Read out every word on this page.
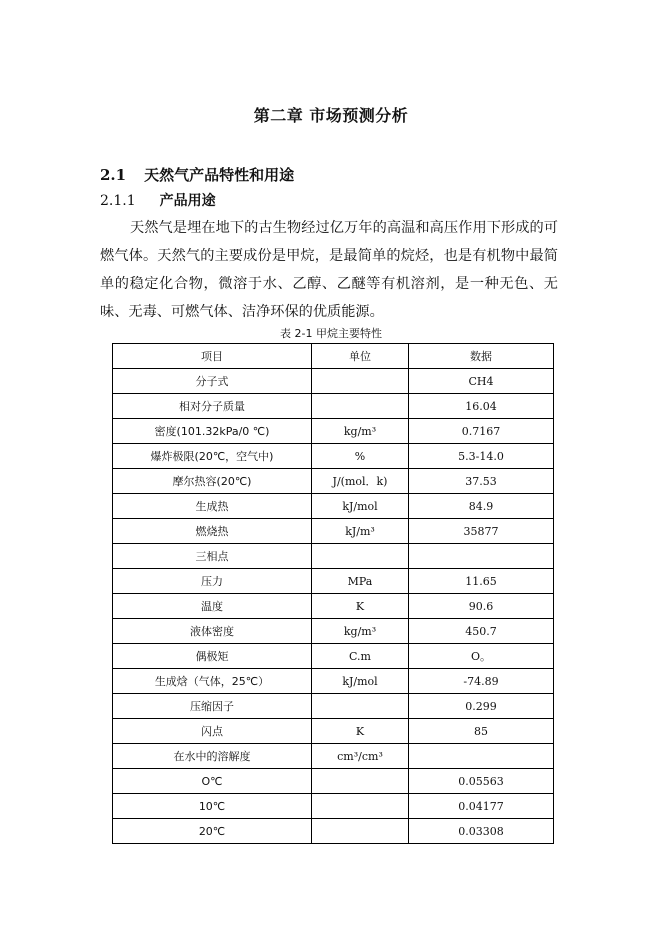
第二章 市场预测分析
2.1 天然气产品特性和用途
2.1.1 产品用途

天然气是埋在地下的古生物经过亿万年的高温和高压作用下形成的可燃气体。天然气的主要成份是甲烷，是最简单的烷烃，也是有机物中最简单的稳定化合物，微溶于水、乙醇、乙醚等有机溶剂，是一种无色、无味、无毒、可燃气体、洁净环保的优质能源。

表 2-1 甲烷主要特性
项目	单位	数据
分子式		CH4
相对分子质量		16.04
密度(101.32kPa/0 ℃)	kg/m³	0.7167
爆炸极限(20℃，空气中)	%	5.3-14.0
摩尔热容(20℃)	J/(mol．k)	37.53
生成热	kJ/mol	84.9
燃烧热	kJ/m³	35877
三相点		
压力	MPa	11.65
温度	K	90.6
液体密度	kg/m³	450.7
偶极矩	C.m	O。
生成焓（气体，25℃）	kJ/mol	-74.89
压缩因子		0.299
闪点	K	85
在水中的溶解度	cm³/cm³	
O℃		0.05563
10℃		0.04177
20℃		0.03308
